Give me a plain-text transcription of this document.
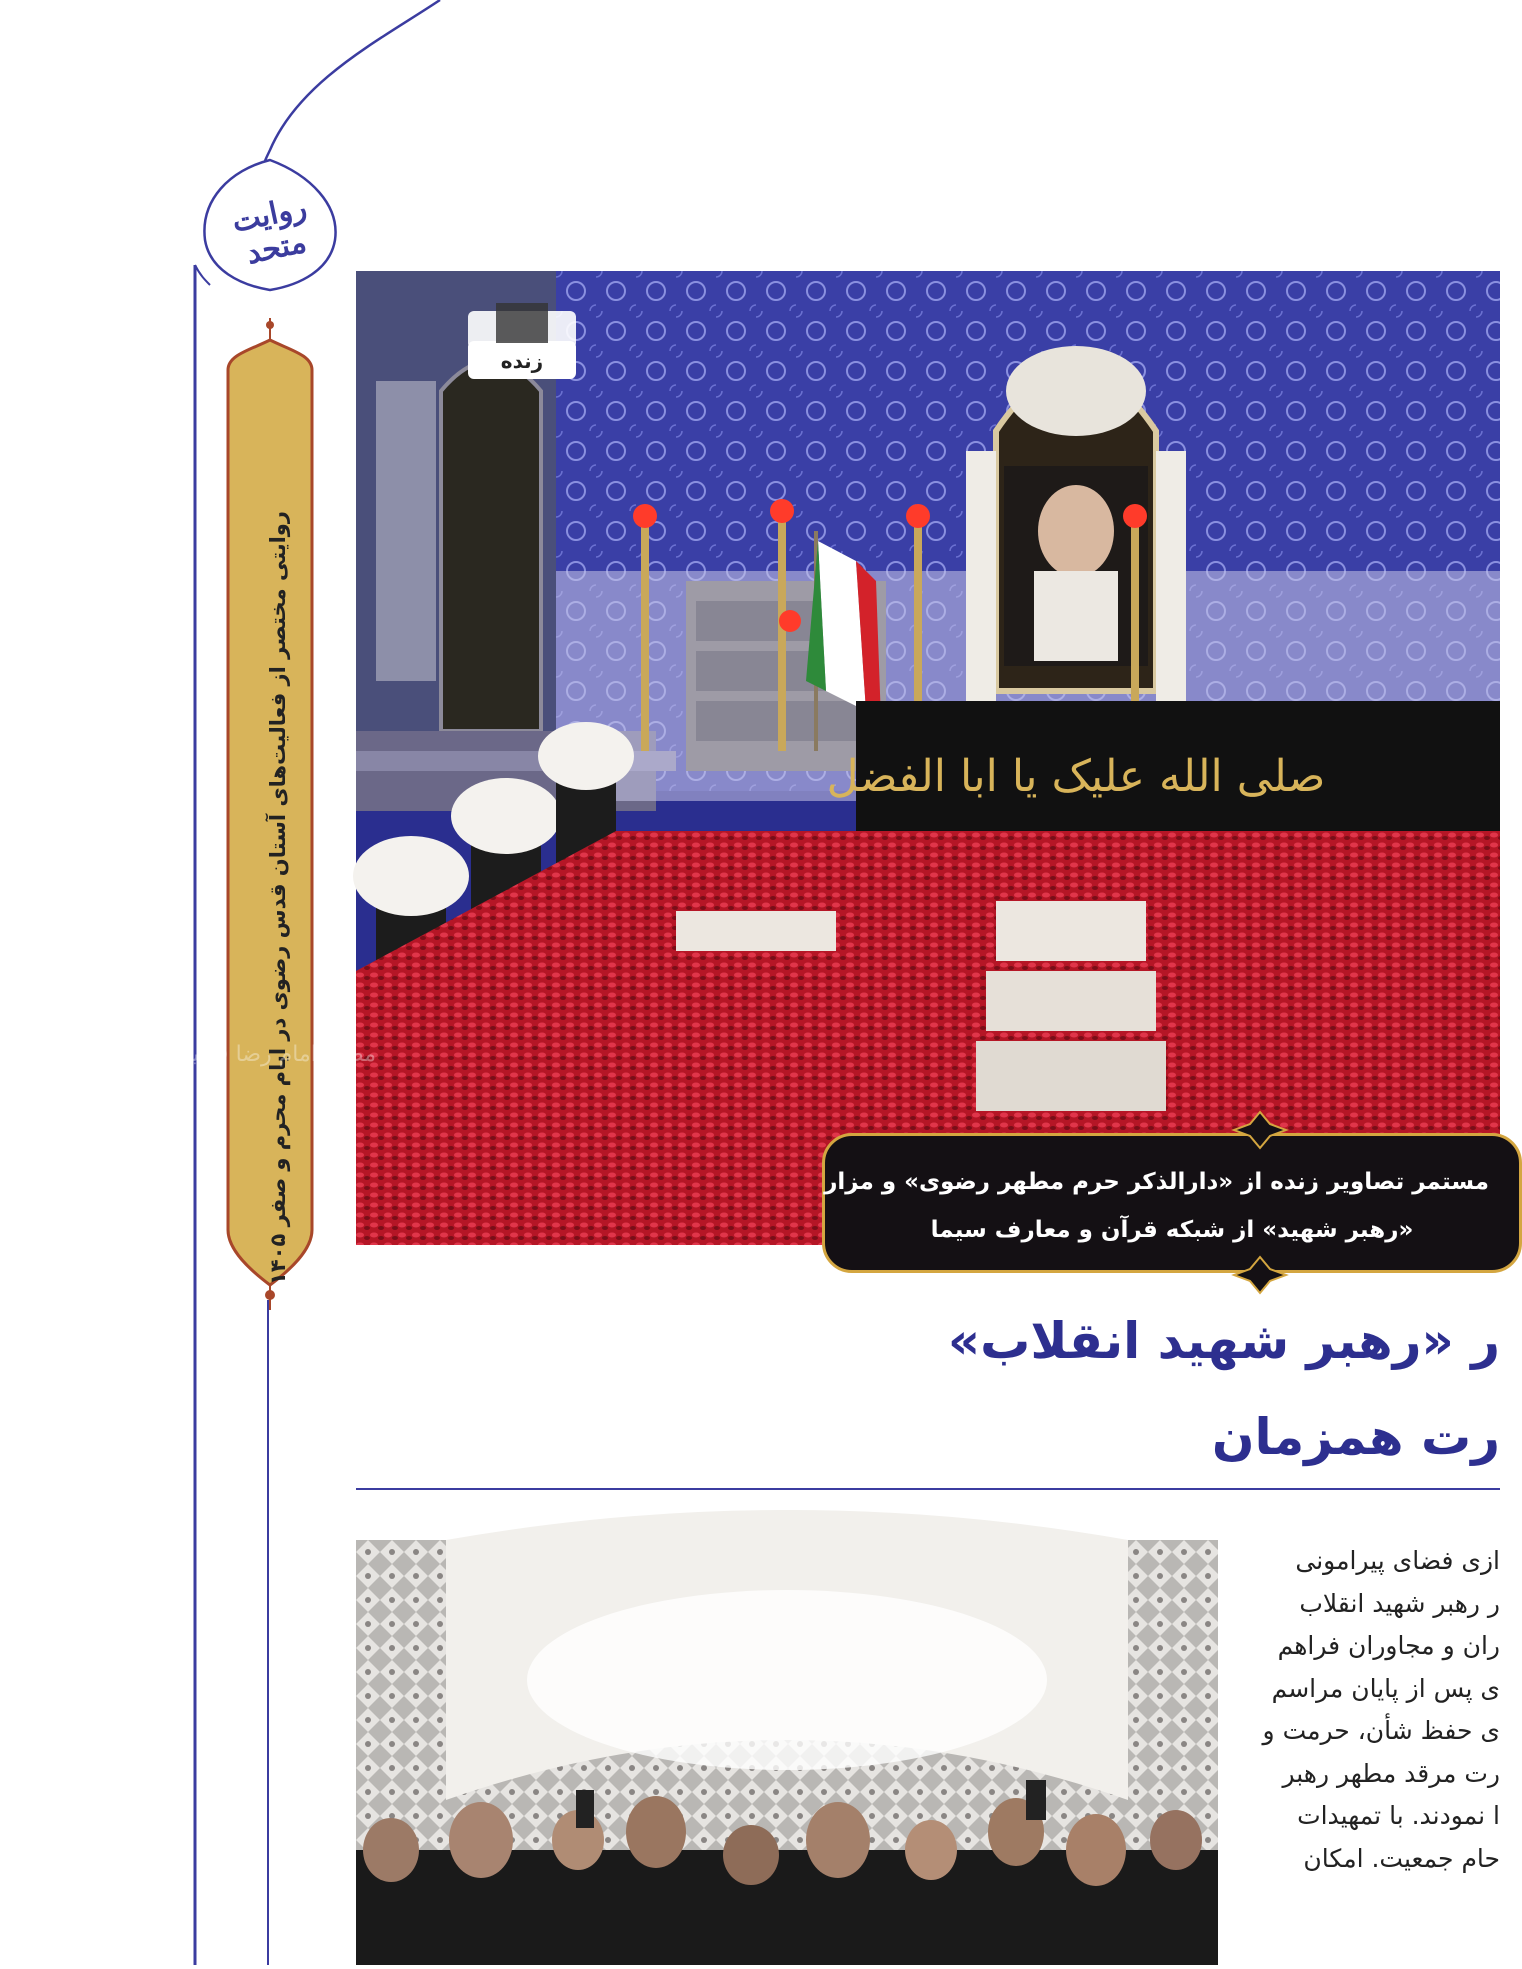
روایت متحد
روایتی مختصر از فعالیت‌های آستان قدس رضوی در ایام محرم و صفر ۱۴۰۵	صلی الله علیک یا ابا الفضل
مطهر امام رضا (علیه السلام)
زنده
مستمر تصاویر زنده از «دارالذکر حرم مطهر رضوی» و مزار
«رهبر شهید» از شبکه قرآن و معارف سیما
ر «رهبر شهید انقلاب»
رت همزمان
ازی فضای پیرامونی
ر رهبر شهید انقلاب
ران و مجاوران فراهم
ی پس از پایان مراسم
ی حفظ شأن، حرمت و
رت مرقد مطهر رهبر
ا نمودند. با تمهیدات
حام جمعیت. امکان
